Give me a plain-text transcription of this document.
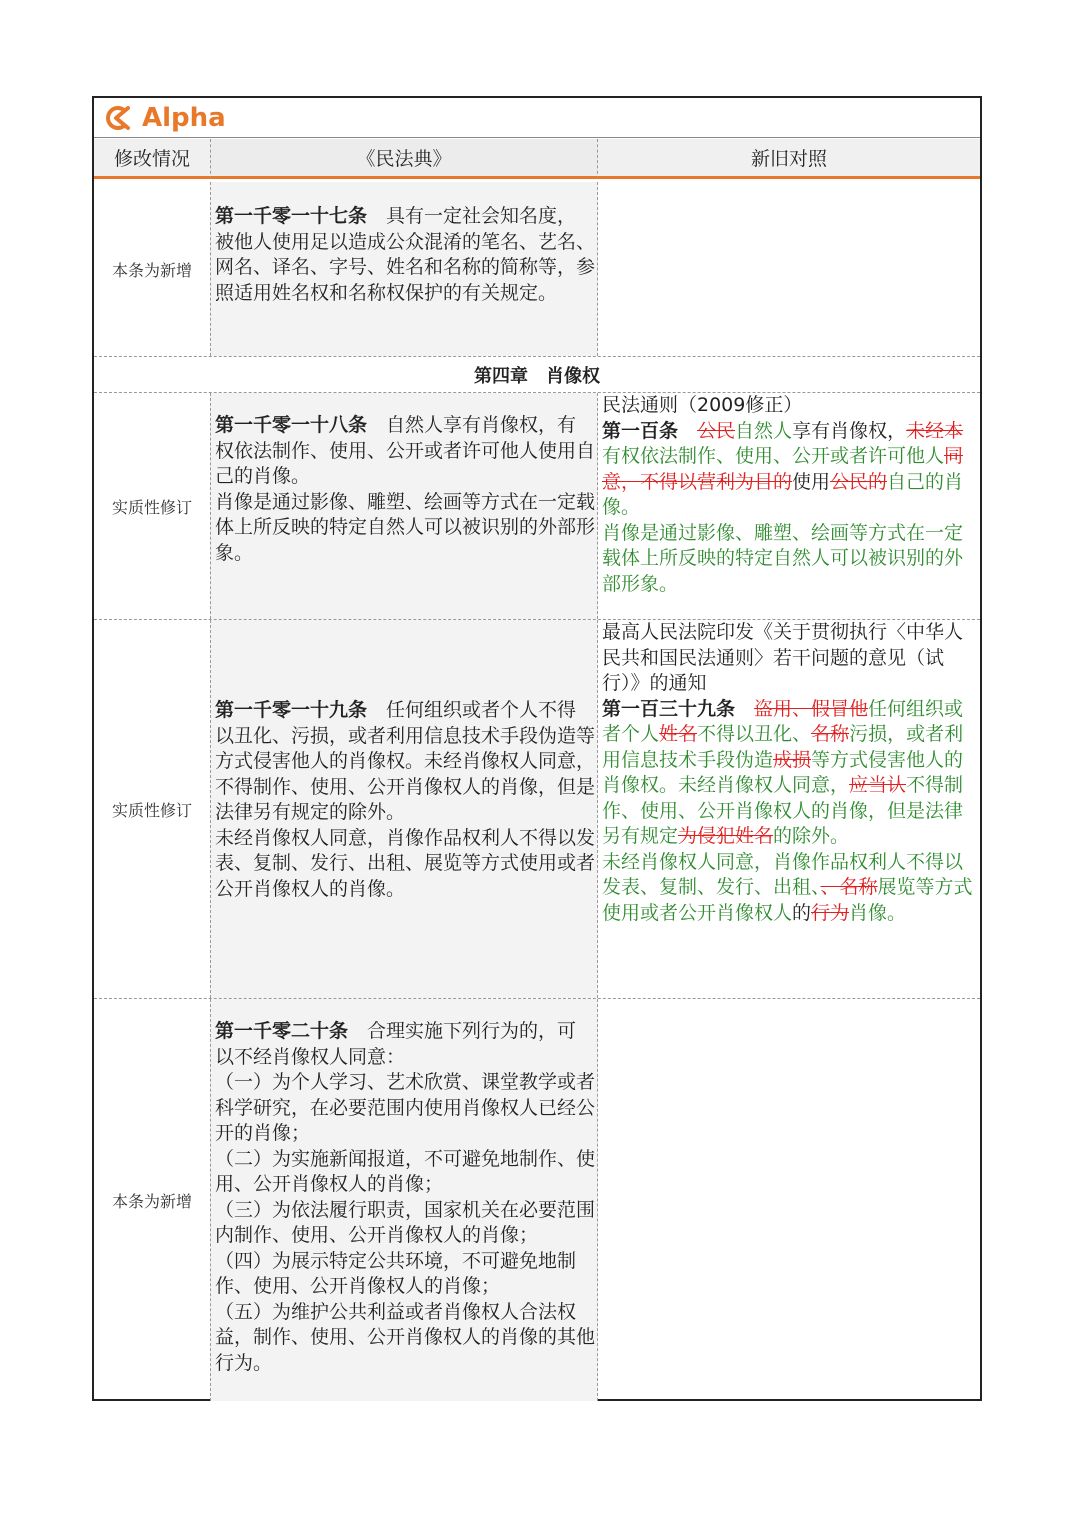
Alpha
修改情况	《民法典》	新旧对照
本条为新增

第一千零一十七条　具有一定社会知名度，被他人使用足以造成公众混淆的笔名、艺名、网名、译名、字号、姓名和名称的简称等，参照适用姓名权和名称权保护的有关规定。

第四章　肖像权
实质性修订

第一千零一十八条　自然人享有肖像权，有权依法制作、使用、公开或者许可他人使用自己的肖像。

肖像是通过影像、雕塑、绘画等方式在一定载体上所反映的特定自然人可以被识别的外部形象。

民法通则（2009修正）

第一百条　 公民自然人享有肖像权，未经本有权依法制作、使用、公开或者许可他人同意，不得以营利为目的使用公民的自己的肖像。

肖像是通过影像、雕塑、绘画等方式在一定载体上所反映的特定自然人可以被识别的外部形象。

实质性修订

第一千零一十九条　任何组织或者个人不得以丑化、污损，或者利用信息技术手段伪造等方式侵害他人的肖像权。未经肖像权人同意，不得制作、使用、公开肖像权人的肖像，但是法律另有规定的除外。

未经肖像权人同意，肖像作品权利人不得以发表、复制、发行、出租、展览等方式使用或者公开肖像权人的肖像。

最高人民法院印发《关于贯彻执行〈中华人民共和国民法通则〉若干问题的意见（试行）》的通知

第一百三十九条　 盗用、假冒他任何组织或者个人姓名不得以丑化、名称污损，或者利用信息技术手段伪造成损等方式侵害他人的肖像权。未经肖像权人同意，应当认不得制作、使用、公开肖像权人的肖像，但是法律另有规定为侵犯姓名的除外。

未经肖像权人同意，肖像作品权利人不得以发表、复制、发行、出租、、名称展览等方式使用或者公开肖像权人的行为肖像。

本条为新增

第一千零二十条　合理实施下列行为的，可以不经肖像权人同意：

（一）为个人学习、艺术欣赏、课堂教学或者科学研究，在必要范围内使用肖像权人已经公开的肖像；

（二）为实施新闻报道，不可避免地制作、使用、公开肖像权人的肖像；

（三）为依法履行职责，国家机关在必要范围内制作、使用、公开肖像权人的肖像；

（四）为展示特定公共环境，不可避免地制作、使用、公开肖像权人的肖像；

（五）为维护公共利益或者肖像权人合法权益，制作、使用、公开肖像权人的肖像的其他行为。
